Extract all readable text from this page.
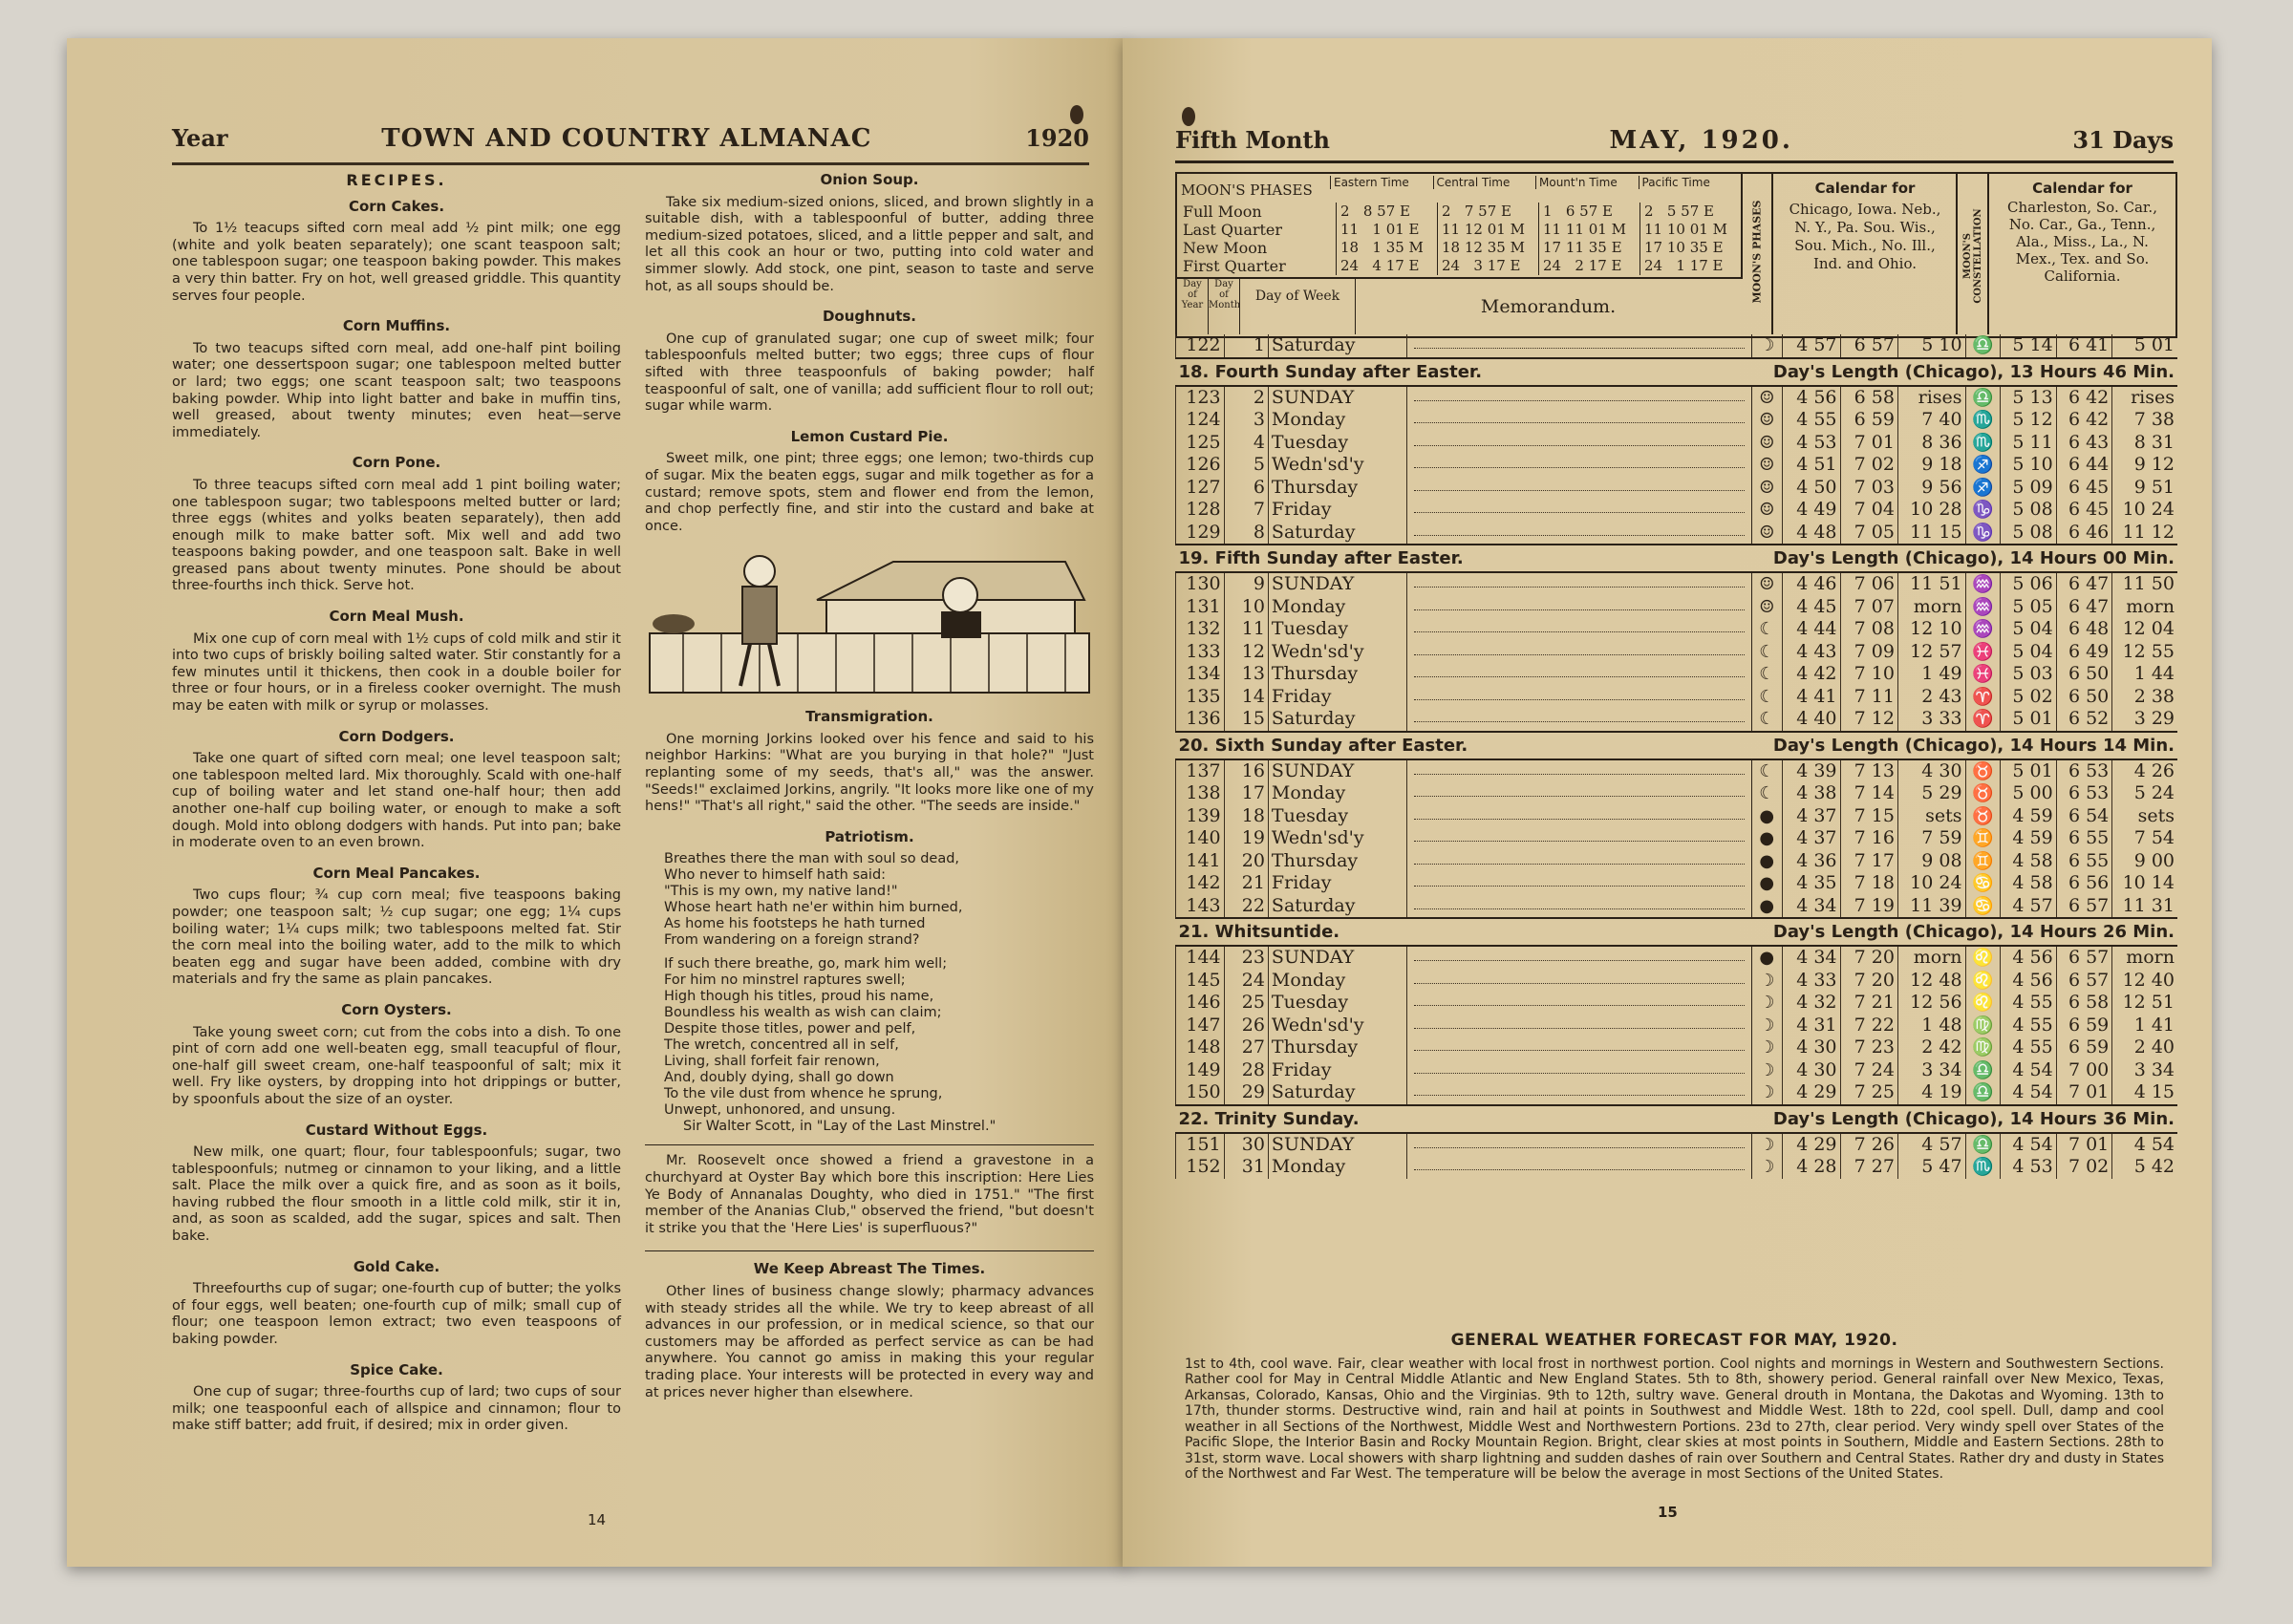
Year	TOWN AND COUNTRY ALMANAC	1920
RECIPES.
Corn Cakes.

To 1½ teacups sifted corn meal add ½ pint milk; one egg (white and yolk beaten separately); one scant teaspoon salt; one tablespoon sugar; one teaspoon baking powder. This makes a very thin batter. Fry on hot, well greased griddle. This quantity serves four people.

Corn Muffins.

To two teacups sifted corn meal, add one-half pint boiling water; one dessertspoon sugar; one tablespoon melted butter or lard; two eggs; one scant teaspoon salt; two teaspoons baking powder. Whip into light batter and bake in muffin tins, well greased, about twenty minutes; even heat—serve immediately.

Corn Pone.

To three teacups sifted corn meal add 1 pint boiling water; one tablespoon sugar; two tablespoons melted butter or lard; three eggs (whites and yolks beaten separately), then add enough milk to make batter soft. Mix well and add two teaspoons baking powder, and one teaspoon salt. Bake in well greased pans about twenty minutes. Pone should be about three-fourths inch thick. Serve hot.

Corn Meal Mush.

Mix one cup of corn meal with 1½ cups of cold milk and stir it into two cups of briskly boiling salted water. Stir constantly for a few minutes until it thickens, then cook in a double boiler for three or four hours, or in a fireless cooker overnight. The mush may be eaten with milk or syrup or molasses.

Corn Dodgers.

Take one quart of sifted corn meal; one level teaspoon salt; one tablespoon melted lard. Mix thoroughly. Scald with one-half cup of boiling water and let stand one-half hour; then add another one-half cup boiling water, or enough to make a soft dough. Mold into oblong dodgers with hands. Put into pan; bake in moderate oven to an even brown.

Corn Meal Pancakes.

Two cups flour; ¾ cup corn meal; five teaspoons baking powder; one teaspoon salt; ½ cup sugar; one egg; 1¼ cups boiling water; 1¼ cups milk; two tablespoons melted fat. Stir the corn meal into the boiling water, add to the milk to which beaten egg and sugar have been added, combine with dry materials and fry the same as plain pancakes.

Corn Oysters.

Take young sweet corn; cut from the cobs into a dish. To one pint of corn add one well-beaten egg, small teacupful of flour, one-half gill sweet cream, one-half teaspoonful of salt; mix it well. Fry like oysters, by dropping into hot drippings or butter, by spoonfuls about the size of an oyster.

Custard Without Eggs.

New milk, one quart; flour, four tablespoonfuls; sugar, two tablespoonfuls; nutmeg or cinnamon to your liking, and a little salt. Place the milk over a quick fire, and as soon as it boils, having rubbed the flour smooth in a little cold milk, stir it in, and, as soon as scalded, add the sugar, spices and salt. Then bake.

Gold Cake.

Threefourths cup of sugar; one-fourth cup of butter; the yolks of four eggs, well beaten; one-fourth cup of milk; small cup of flour; one teaspoon lemon extract; two even teaspoons of baking powder.

Spice Cake.

One cup of sugar; three-fourths cup of lard; two cups of sour milk; one teaspoonful each of allspice and cinnamon; flour to make stiff batter; add fruit, if desired; mix in order given.

Onion Soup.

Take six medium-sized onions, sliced, and brown slightly in a suitable dish, with a tablespoonful of butter, adding three medium-sized potatoes, sliced, and a little pepper and salt, and let all this cook an hour or two, putting into cold water and simmer slowly. Add stock, one pint, season to taste and serve hot, as all soups should be.

Doughnuts.

One cup of granulated sugar; one cup of sweet milk; four tablespoonfuls melted butter; two eggs; three cups of flour sifted with three teaspoonfuls of baking powder; half teaspoonful of salt, one of vanilla; add sufficient flour to roll out; sugar while warm.

Lemon Custard Pie.

Sweet milk, one pint; three eggs; one lemon; two-thirds cup of sugar. Mix the beaten eggs, sugar and milk together as for a custard; remove spots, stem and flower end from the lemon, and chop perfectly fine, and stir into the custard and bake at once.

Transmigration.

One morning Jorkins looked over his fence and said to his neighbor Harkins: "What are you burying in that hole?" "Just replanting some of my seeds, that's all," was the answer. "Seeds!" exclaimed Jorkins, angrily. "It looks more like one of my hens!" "That's all right," said the other. "The seeds are inside."

Patriotism.
Breathes there the man with soul so dead,
Who never to himself hath said:
"This is my own, my native land!"
Whose heart hath ne'er within him burned,
As home his footsteps he hath turned
From wandering on a foreign strand?
If such there breathe, go, mark him well;
For him no minstrel raptures swell;
High though his titles, proud his name,
Boundless his wealth as wish can claim;
Despite those titles, power and pelf,
The wretch, concentred all in self,
Living, shall forfeit fair renown,
And, doubly dying, shall go down
To the vile dust from whence he sprung,
Unwept, unhonored, and unsung.
Sir Walter Scott, in "Lay of the Last Minstrel."

Mr. Roosevelt once showed a friend a gravestone in a churchyard at Oyster Bay which bore this inscription: Here Lies Ye Body of Annanalas Doughty, who died in 1751." "The first member of the Ananias Club," observed the friend, "but doesn't it strike you that the 'Here Lies' is superfluous?"

We Keep Abreast The Times.

Other lines of business change slowly; pharmacy advances with steady strides all the while. We try to keep abreast of all advances in our profession, or in medical science, so that our customers may be afforded as perfect service as can be had anywhere. You cannot go amiss in making this your regular trading place. Your interests will be protected in every way and at prices never higher than elsewhere.

14
Fifth Month	MAY, 1920.	31 Days
MOON'S PHASES	Eastern Time	Central Time	Mount'n Time	Pacific Time
Full Moon	2   8 57 E	2   7 57 E	1   6 57 E	2   5 57 E
Last Quarter	11   1 01 E	11 12 01 M	11 11 01 M	11 10 01 M
New Moon	18   1 35 M	18 12 35 M	17 11 35 E	17 10 35 E
First Quarter	24   4 17 E	24   3 17 E	24   2 17 E	24   1 17 E
Day of Year
Day of Month
Day of Week	Memorandum.
MOON'S PHASES
Calendar for
Chicago, Iowa. Neb., N. Y., Pa. Sou. Wis., Sou. Mich., No. Ill., Ind. and Ohio.	MOON'S CONSTELLATION
Calendar for
Charleston, So. Car., No. Car., Ga., Tenn., Ala., Miss., La., N. Mex., Tex. and So. California.
122	1	Saturday		☽	4 57	6 57	5 10	♎	5 14	6 41	5 01
18. Fourth Sunday after Easter. Day's Length (Chicago), 13 Hours 46 Min.											

123	2	SUNDAY		☺	4 56	6 58	rises	♎	5 13	6 42	rises
124	3	Monday		☺	4 55	6 59	7 40	♏	5 12	6 42	7 38
125	4	Tuesday		☺	4 53	7 01	8 36	♏	5 11	6 43	8 31
126	5	Wedn'sd'y		☺	4 51	7 02	9 18	♐	5 10	6 44	9 12
127	6	Thursday		☺	4 50	7 03	9 56	♐	5 09	6 45	9 51
128	7	Friday		☺	4 49	7 04	10 28	♑	5 08	6 45	10 24
129	8	Saturday		☺	4 48	7 05	11 15	♑	5 08	6 46	11 12
19. Fifth Sunday after Easter. Day's Length (Chicago), 14 Hours 00 Min.											

130	9	SUNDAY		☺	4 46	7 06	11 51	♒	5 06	6 47	11 50
131	10	Monday		☺	4 45	7 07	morn	♒	5 05	6 47	morn
132	11	Tuesday		☾	4 44	7 08	12 10	♒	5 04	6 48	12 04
133	12	Wedn'sd'y		☾	4 43	7 09	12 57	♓	5 04	6 49	12 55
134	13	Thursday		☾	4 42	7 10	1 49	♓	5 03	6 50	1 44
135	14	Friday		☾	4 41	7 11	2 43	♈	5 02	6 50	2 38
136	15	Saturday		☾	4 40	7 12	3 33	♈	5 01	6 52	3 29
20. Sixth Sunday after Easter. Day's Length (Chicago), 14 Hours 14 Min.											

137	16	SUNDAY		☾	4 39	7 13	4 30	♉	5 01	6 53	4 26
138	17	Monday		☾	4 38	7 14	5 29	♉	5 00	6 53	5 24
139	18	Tuesday		●	4 37	7 15	sets	♉	4 59	6 54	sets
140	19	Wedn'sd'y		●	4 37	7 16	7 59	♊	4 59	6 55	7 54
141	20	Thursday		●	4 36	7 17	9 08	♊	4 58	6 55	9 00
142	21	Friday		●	4 35	7 18	10 24	♋	4 58	6 56	10 14
143	22	Saturday		●	4 34	7 19	11 39	♋	4 57	6 57	11 31
21. Whitsuntide. Day's Length (Chicago), 14 Hours 26 Min.											

144	23	SUNDAY		●	4 34	7 20	morn	♌	4 56	6 57	morn
145	24	Monday		☽	4 33	7 20	12 48	♌	4 56	6 57	12 40
146	25	Tuesday		☽	4 32	7 21	12 56	♌	4 55	6 58	12 51
147	26	Wedn'sd'y		☽	4 31	7 22	1 48	♍	4 55	6 59	1 41
148	27	Thursday		☽	4 30	7 23	2 42	♍	4 55	6 59	2 40
149	28	Friday		☽	4 30	7 24	3 34	♎	4 54	7 00	3 34
150	29	Saturday		☽	4 29	7 25	4 19	♎	4 54	7 01	4 15
22. Trinity Sunday. Day's Length (Chicago), 14 Hours 36 Min.											

151	30	SUNDAY		☽	4 29	7 26	4 57	♎	4 54	7 01	4 54
152	31	Monday		☽	4 28	7 27	5 47	♏	4 53	7 02	5 42
GENERAL WEATHER FORECAST FOR MAY, 1920.
1st to 4th, cool wave. Fair, clear weather with local frost in northwest portion. Cool nights and mornings in Western and Southwestern Sections. Rather cool for May in Central Middle Atlantic and New England States. 5th to 8th, showery period. General rainfall over New Mexico, Texas, Arkansas, Colorado, Kansas, Ohio and the Virginias. 9th to 12th, sultry wave. General drouth in Montana, the Dakotas and Wyoming. 13th to 17th, thunder storms. Destructive wind, rain and hail at points in Southwest and Middle West. 18th to 22d, cool spell. Dull, damp and cool weather in all Sections of the Northwest, Middle West and Northwestern Portions. 23d to 27th, clear period. Very windy spell over States of the Pacific Slope, the Interior Basin and Rocky Mountain Region. Bright, clear skies at most points in Southern, Middle and Eastern Sections. 28th to 31st, storm wave. Local showers with sharp lightning and sudden dashes of rain over Southern and Central States. Rather dry and dusty in States of the Northwest and Far West. The temperature will be below the average in most Sections of the United States.
15
